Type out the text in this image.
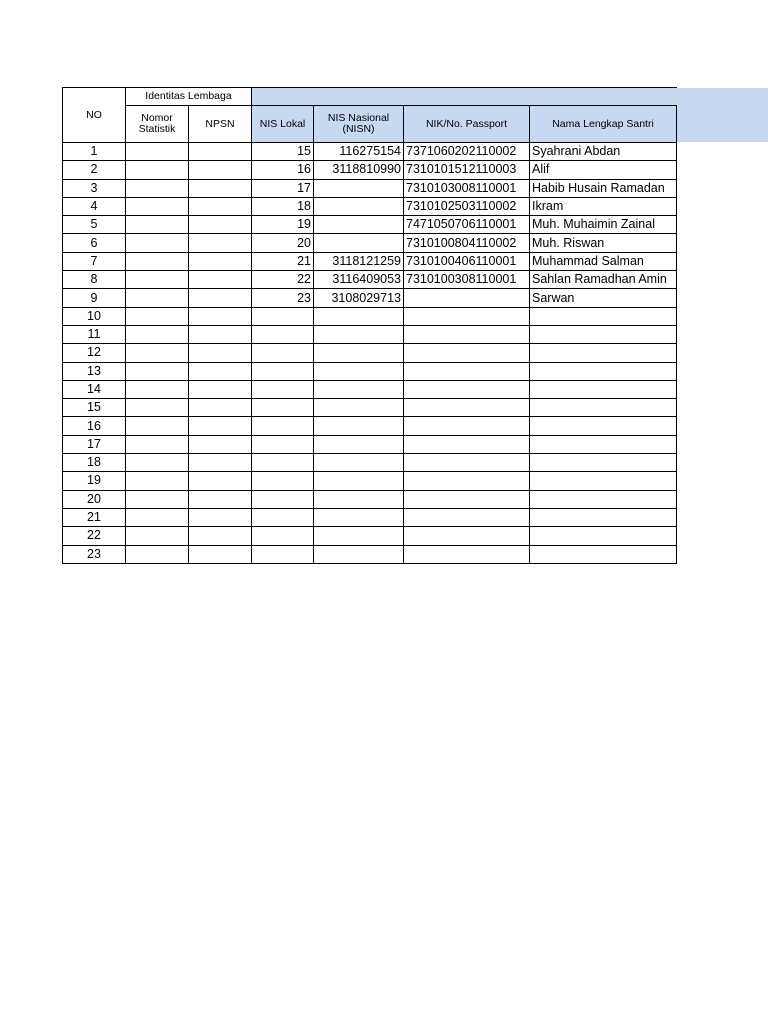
NO	Identitas Lembaga					
	Nomor Statistik	NPSN	NIS Lokal	NIS Nasional (NISN)	NIK/No. Passport	Nama Lengkap Santri
1			15	116275154	7371060202110002	Syahrani Abdan
2			16	3118810990	7310101512110003	Alif
3			17		7310103008110001	Habib Husain Ramadan
4			18		7310102503110002	Ikram
5			19		7471050706110001	Muh. Muhaimin Zainal
6			20		7310100804110002	Muh. Riswan
7			21	3118121259	7310100406110001	Muhammad Salman
8			22	3116409053	7310100308110001	Sahlan Ramadhan Amin
9			23	3108029713		Sarwan
10						
11						
12						
13						
14						
15						
16						
17						
18						
19						
20						
21						
22						
23						
